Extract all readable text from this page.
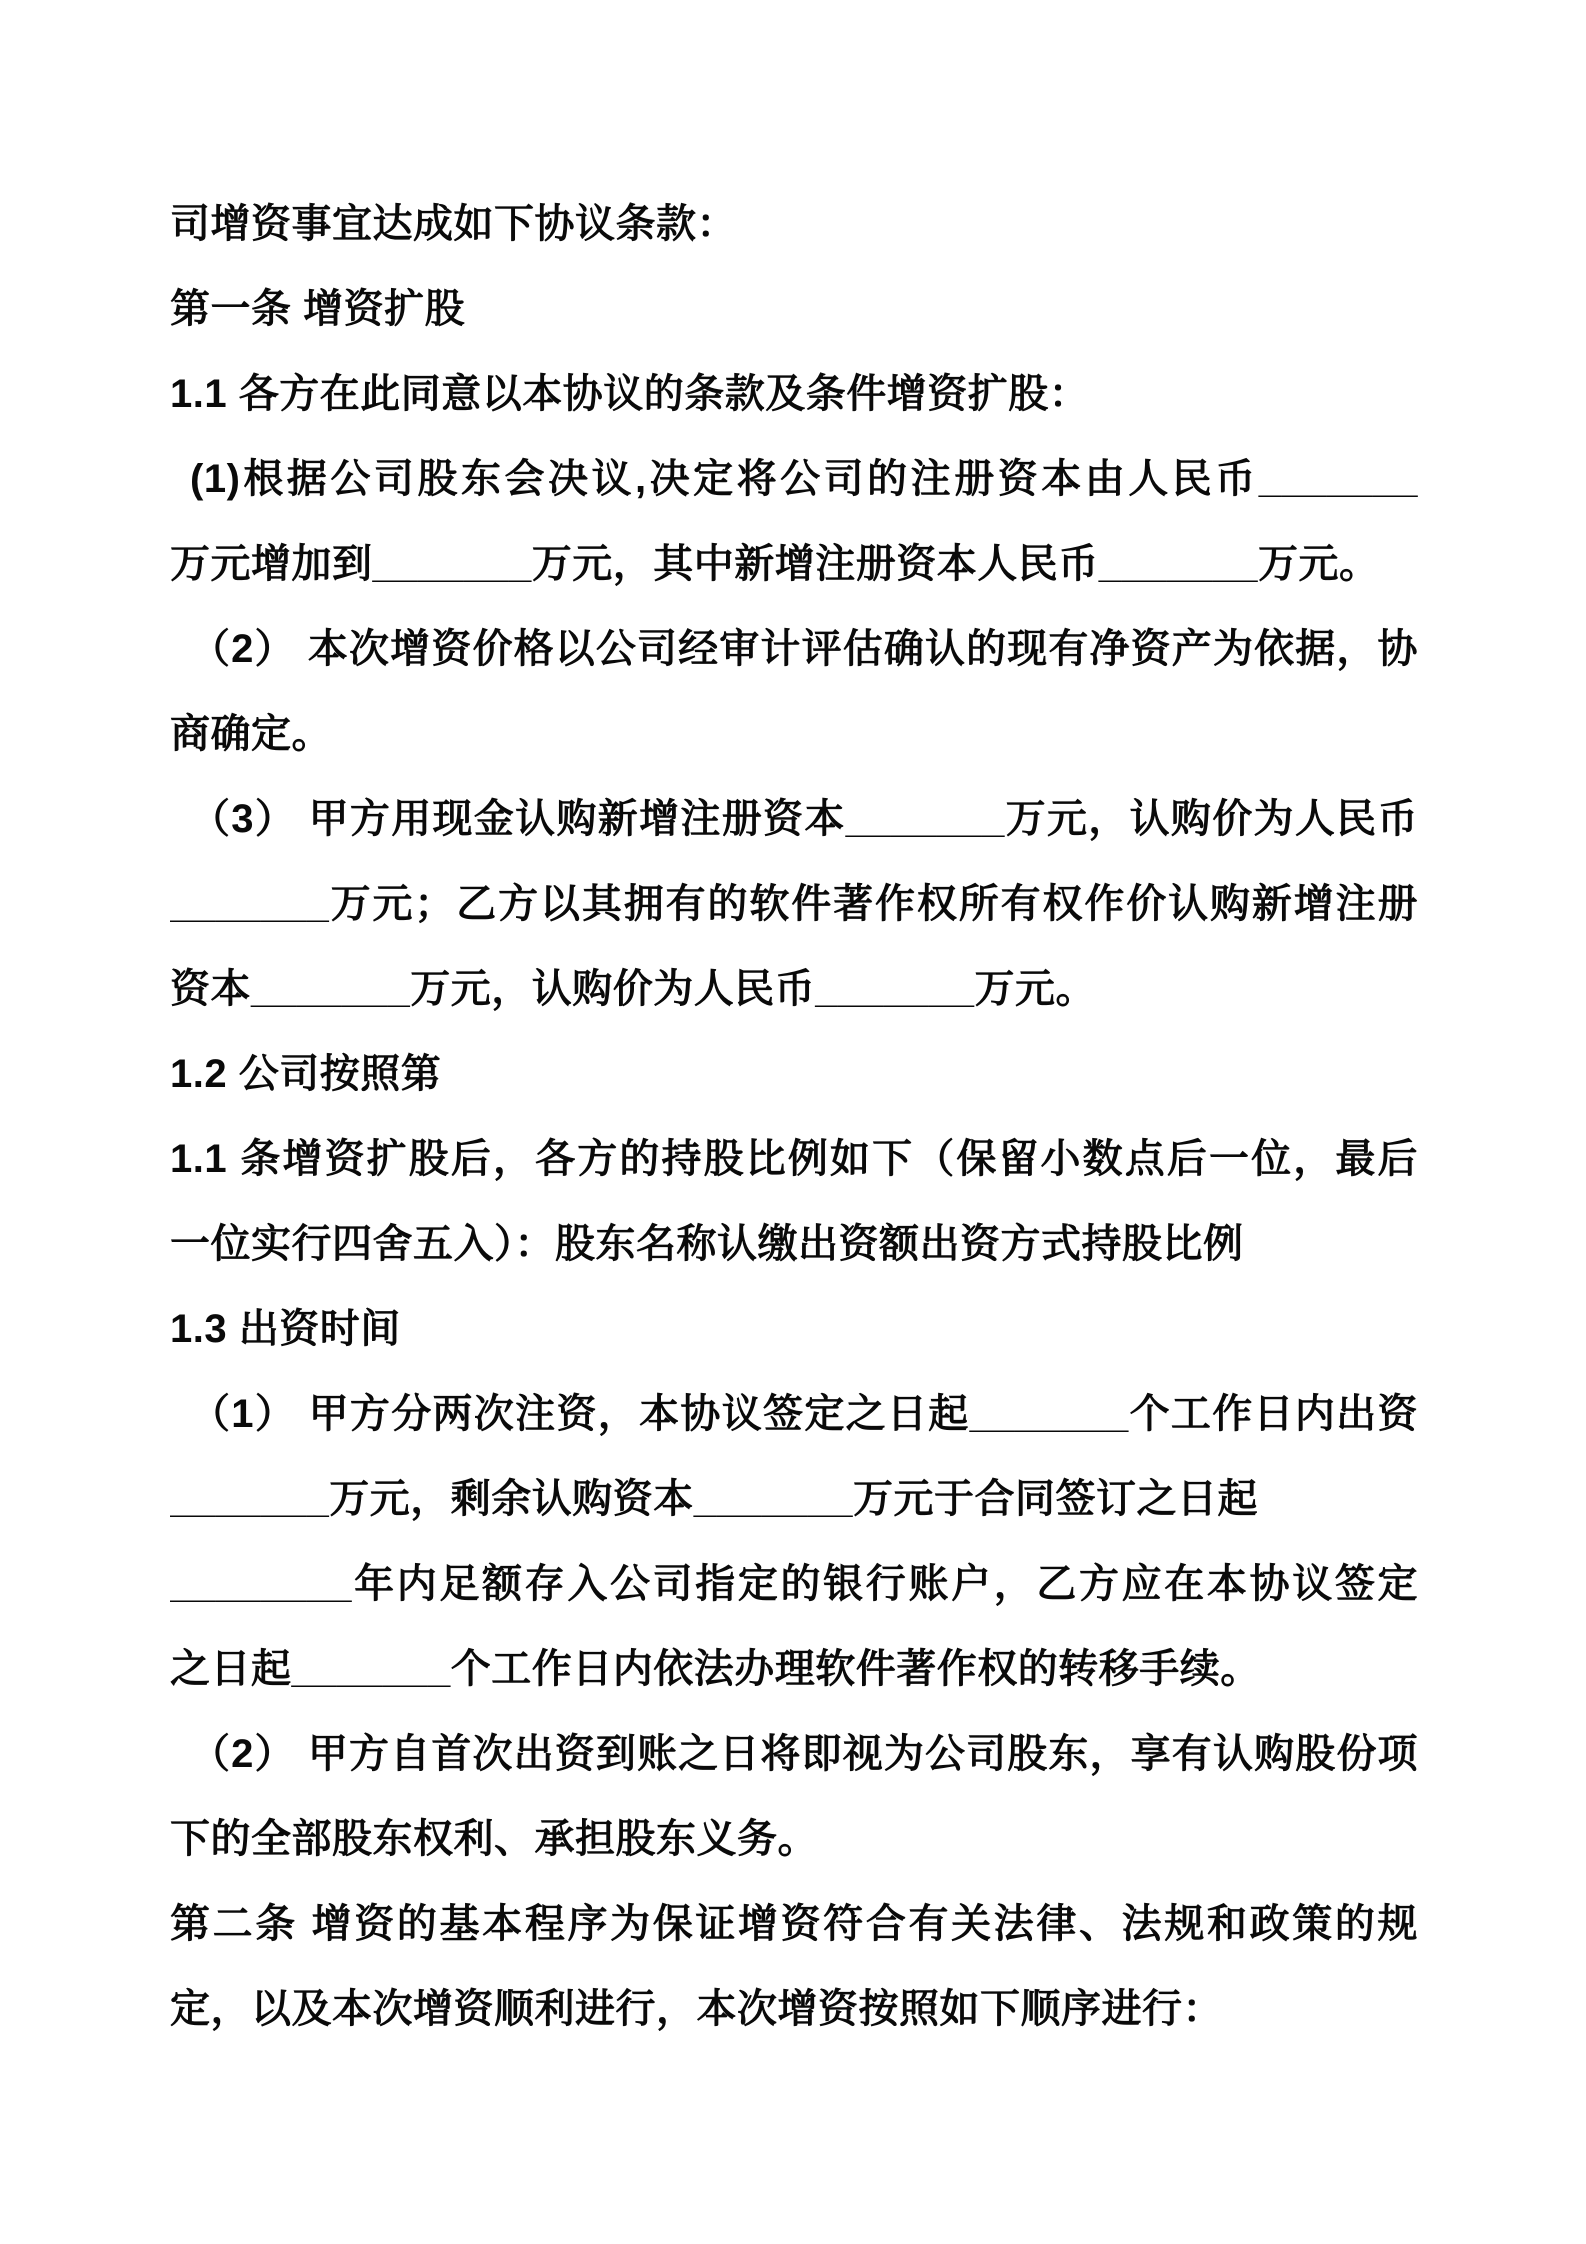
司增资事宜达成如下协议条款：
第一条 增资扩股
1.1 各方在此同意以本协议的条款及条件增资扩股：
(1)根据公司股东会决议,决定将公司的注册资本由人民币_______
万元增加到_______万元，其中新增注册资本人民币_______万元。
（2） 本次增资价格以公司经审计评估确认的现有净资产为依据，协
商确定。
（3） 甲方用现金认购新增注册资本_______万元，认购价为人民币
_______万元；乙方以其拥有的软件著作权所有权作价认购新增注册
资本_______万元，认购价为人民币_______万元。
1.2 公司按照第
1.1 条增资扩股后，各方的持股比例如下（保留小数点后一位，最后
一位实行四舍五入）：股东名称认缴出资额出资方式持股比例
1.3 出资时间
（1） 甲方分两次注资，本协议签定之日起_______个工作日内出资
_______万元，剩余认购资本_______万元于合同签订之日起
________年内足额存入公司指定的银行账户，乙方应在本协议签定
之日起_______个工作日内依法办理软件著作权的转移手续。
（2） 甲方自首次出资到账之日将即视为公司股东，享有认购股份项
下的全部股东权利、承担股东义务。
第二条 增资的基本程序为保证增资符合有关法律、法规和政策的规
定，以及本次增资顺利进行，本次增资按照如下顺序进行：
